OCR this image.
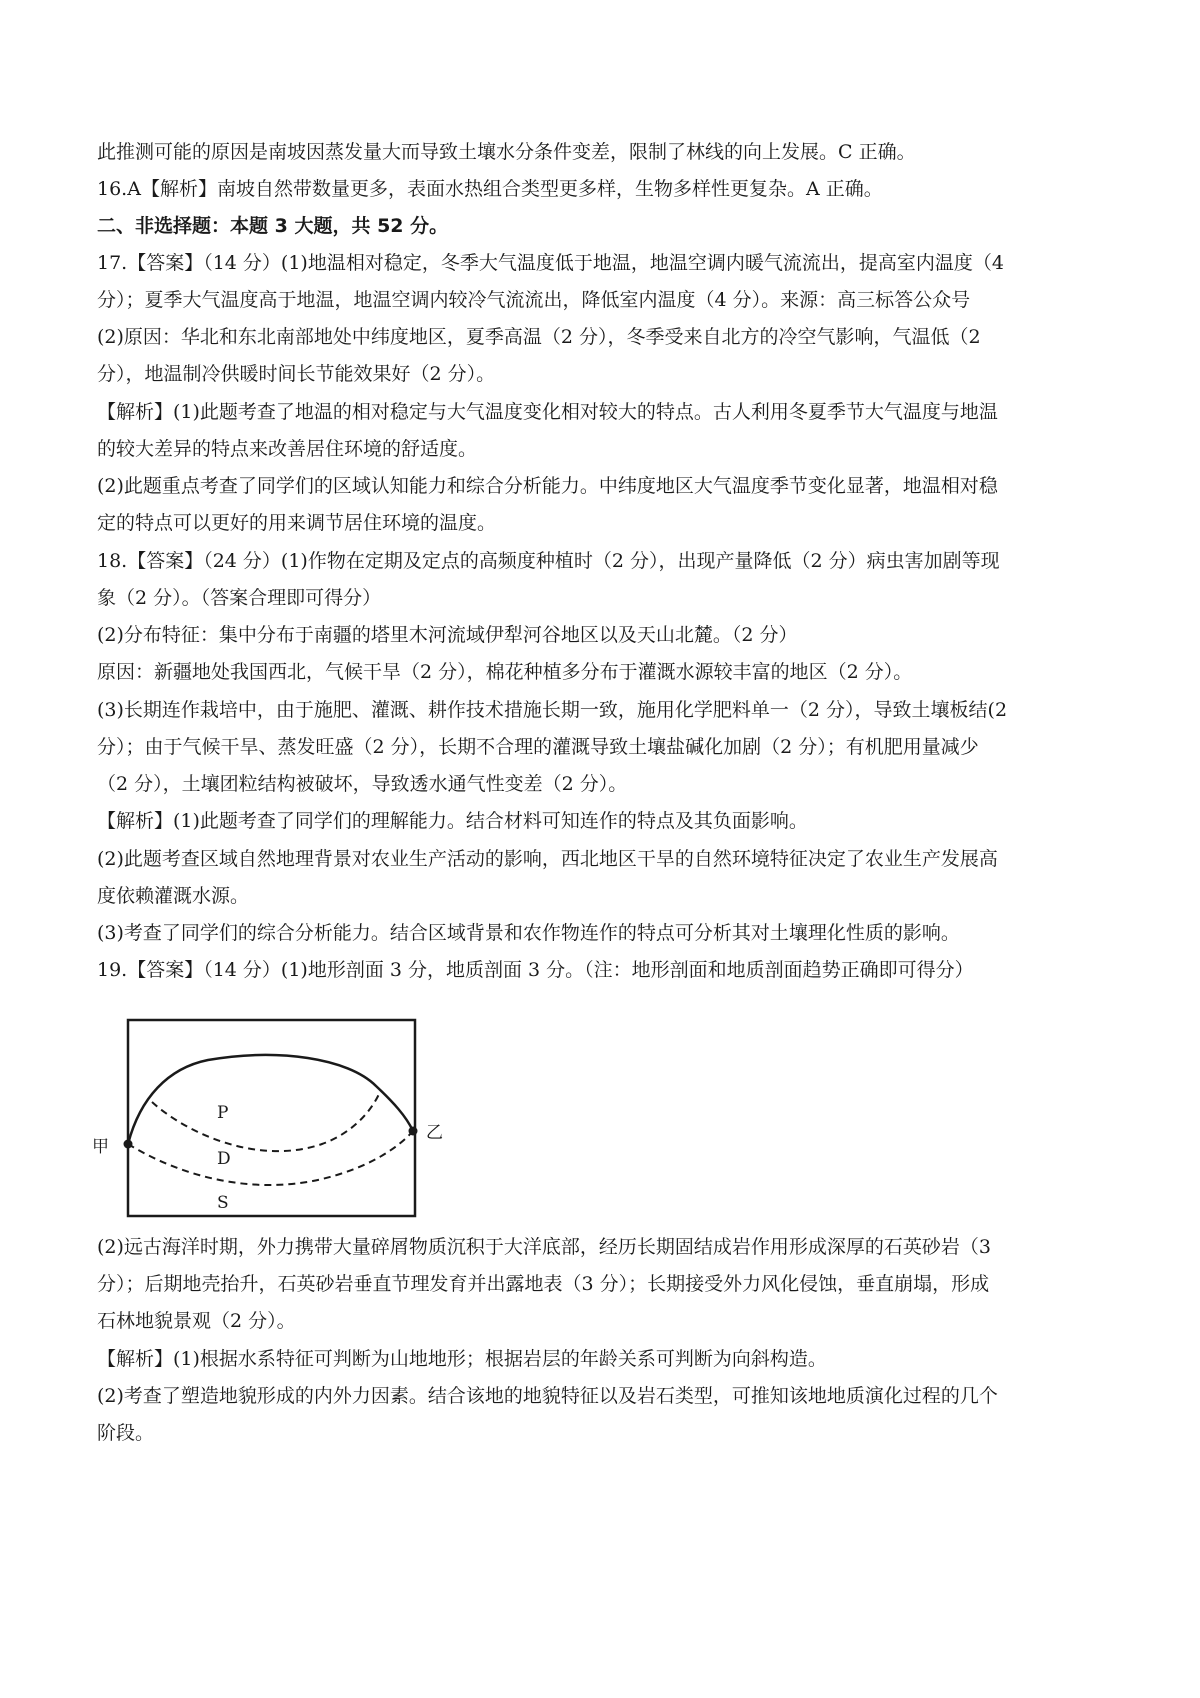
此推测可能的原因是南坡因蒸发量大而导致土壤水分条件变差，限制了林线的向上发展。C 正确。
16.A【解析】南坡自然带数量更多，表面水热组合类型更多样，生物多样性更复杂。A 正确。
二、非选择题：本题 3 大题，共 52 分。
17.【答案】（14 分）(1)地温相对稳定，冬季大气温度低于地温，地温空调内暖气流流出，提高室内温度（4
分）；夏季大气温度高于地温，地温空调内较冷气流流出，降低室内温度（4 分）。来源：高三标答公众号
(2)原因：华北和东北南部地处中纬度地区，夏季高温（2 分），冬季受来自北方的冷空气影响，气温低（2
分），地温制冷供暖时间长节能效果好（2 分）。
【解析】(1)此题考查了地温的相对稳定与大气温度变化相对较大的特点。古人利用冬夏季节大气温度与地温
的较大差异的特点来改善居住环境的舒适度。
(2)此题重点考查了同学们的区域认知能力和综合分析能力。中纬度地区大气温度季节变化显著，地温相对稳
定的特点可以更好的用来调节居住环境的温度。
18.【答案】（24 分）(1)作物在定期及定点的高频度种植时（2 分），出现产量降低（2 分）病虫害加剧等现
象（2 分）。（答案合理即可得分）
(2)分布特征：集中分布于南疆的塔里木河流域伊犁河谷地区以及天山北麓。（2 分）
原因：新疆地处我国西北，气候干旱（2 分），棉花种植多分布于灌溉水源较丰富的地区（2 分）。
(3)长期连作栽培中，由于施肥、灌溉、耕作技术措施长期一致，施用化学肥料单一（2 分），导致土壤板结(2
分）；由于气候干旱、蒸发旺盛（2 分），长期不合理的灌溉导致土壤盐碱化加剧（2 分）；有机肥用量减少
（2 分），土壤团粒结构被破坏，导致透水通气性变差（2 分）。
【解析】(1)此题考查了同学们的理解能力。结合材料可知连作的特点及其负面影响。
(2)此题考查区域自然地理背景对农业生产活动的影响，西北地区干旱的自然环境特征决定了农业生产发展高
度依赖灌溉水源。
(3)考查了同学们的综合分析能力。结合区域背景和农作物连作的特点可分析其对土壤理化性质的影响。
19.【答案】（14 分）(1)地形剖面 3 分，地质剖面 3 分。（注：地形剖面和地质剖面趋势正确即可得分）
甲
乙
P
D
S
(2)远古海洋时期，外力携带大量碎屑物质沉积于大洋底部，经历长期固结成岩作用形成深厚的石英砂岩（3
分）；后期地壳抬升，石英砂岩垂直节理发育并出露地表（3 分）；长期接受外力风化侵蚀，垂直崩塌，形成
石林地貌景观（2 分）。
【解析】(1)根据水系特征可判断为山地地形；根据岩层的年龄关系可判断为向斜构造。
(2)考查了塑造地貌形成的内外力因素。结合该地的地貌特征以及岩石类型，可推知该地地质演化过程的几个
阶段。
